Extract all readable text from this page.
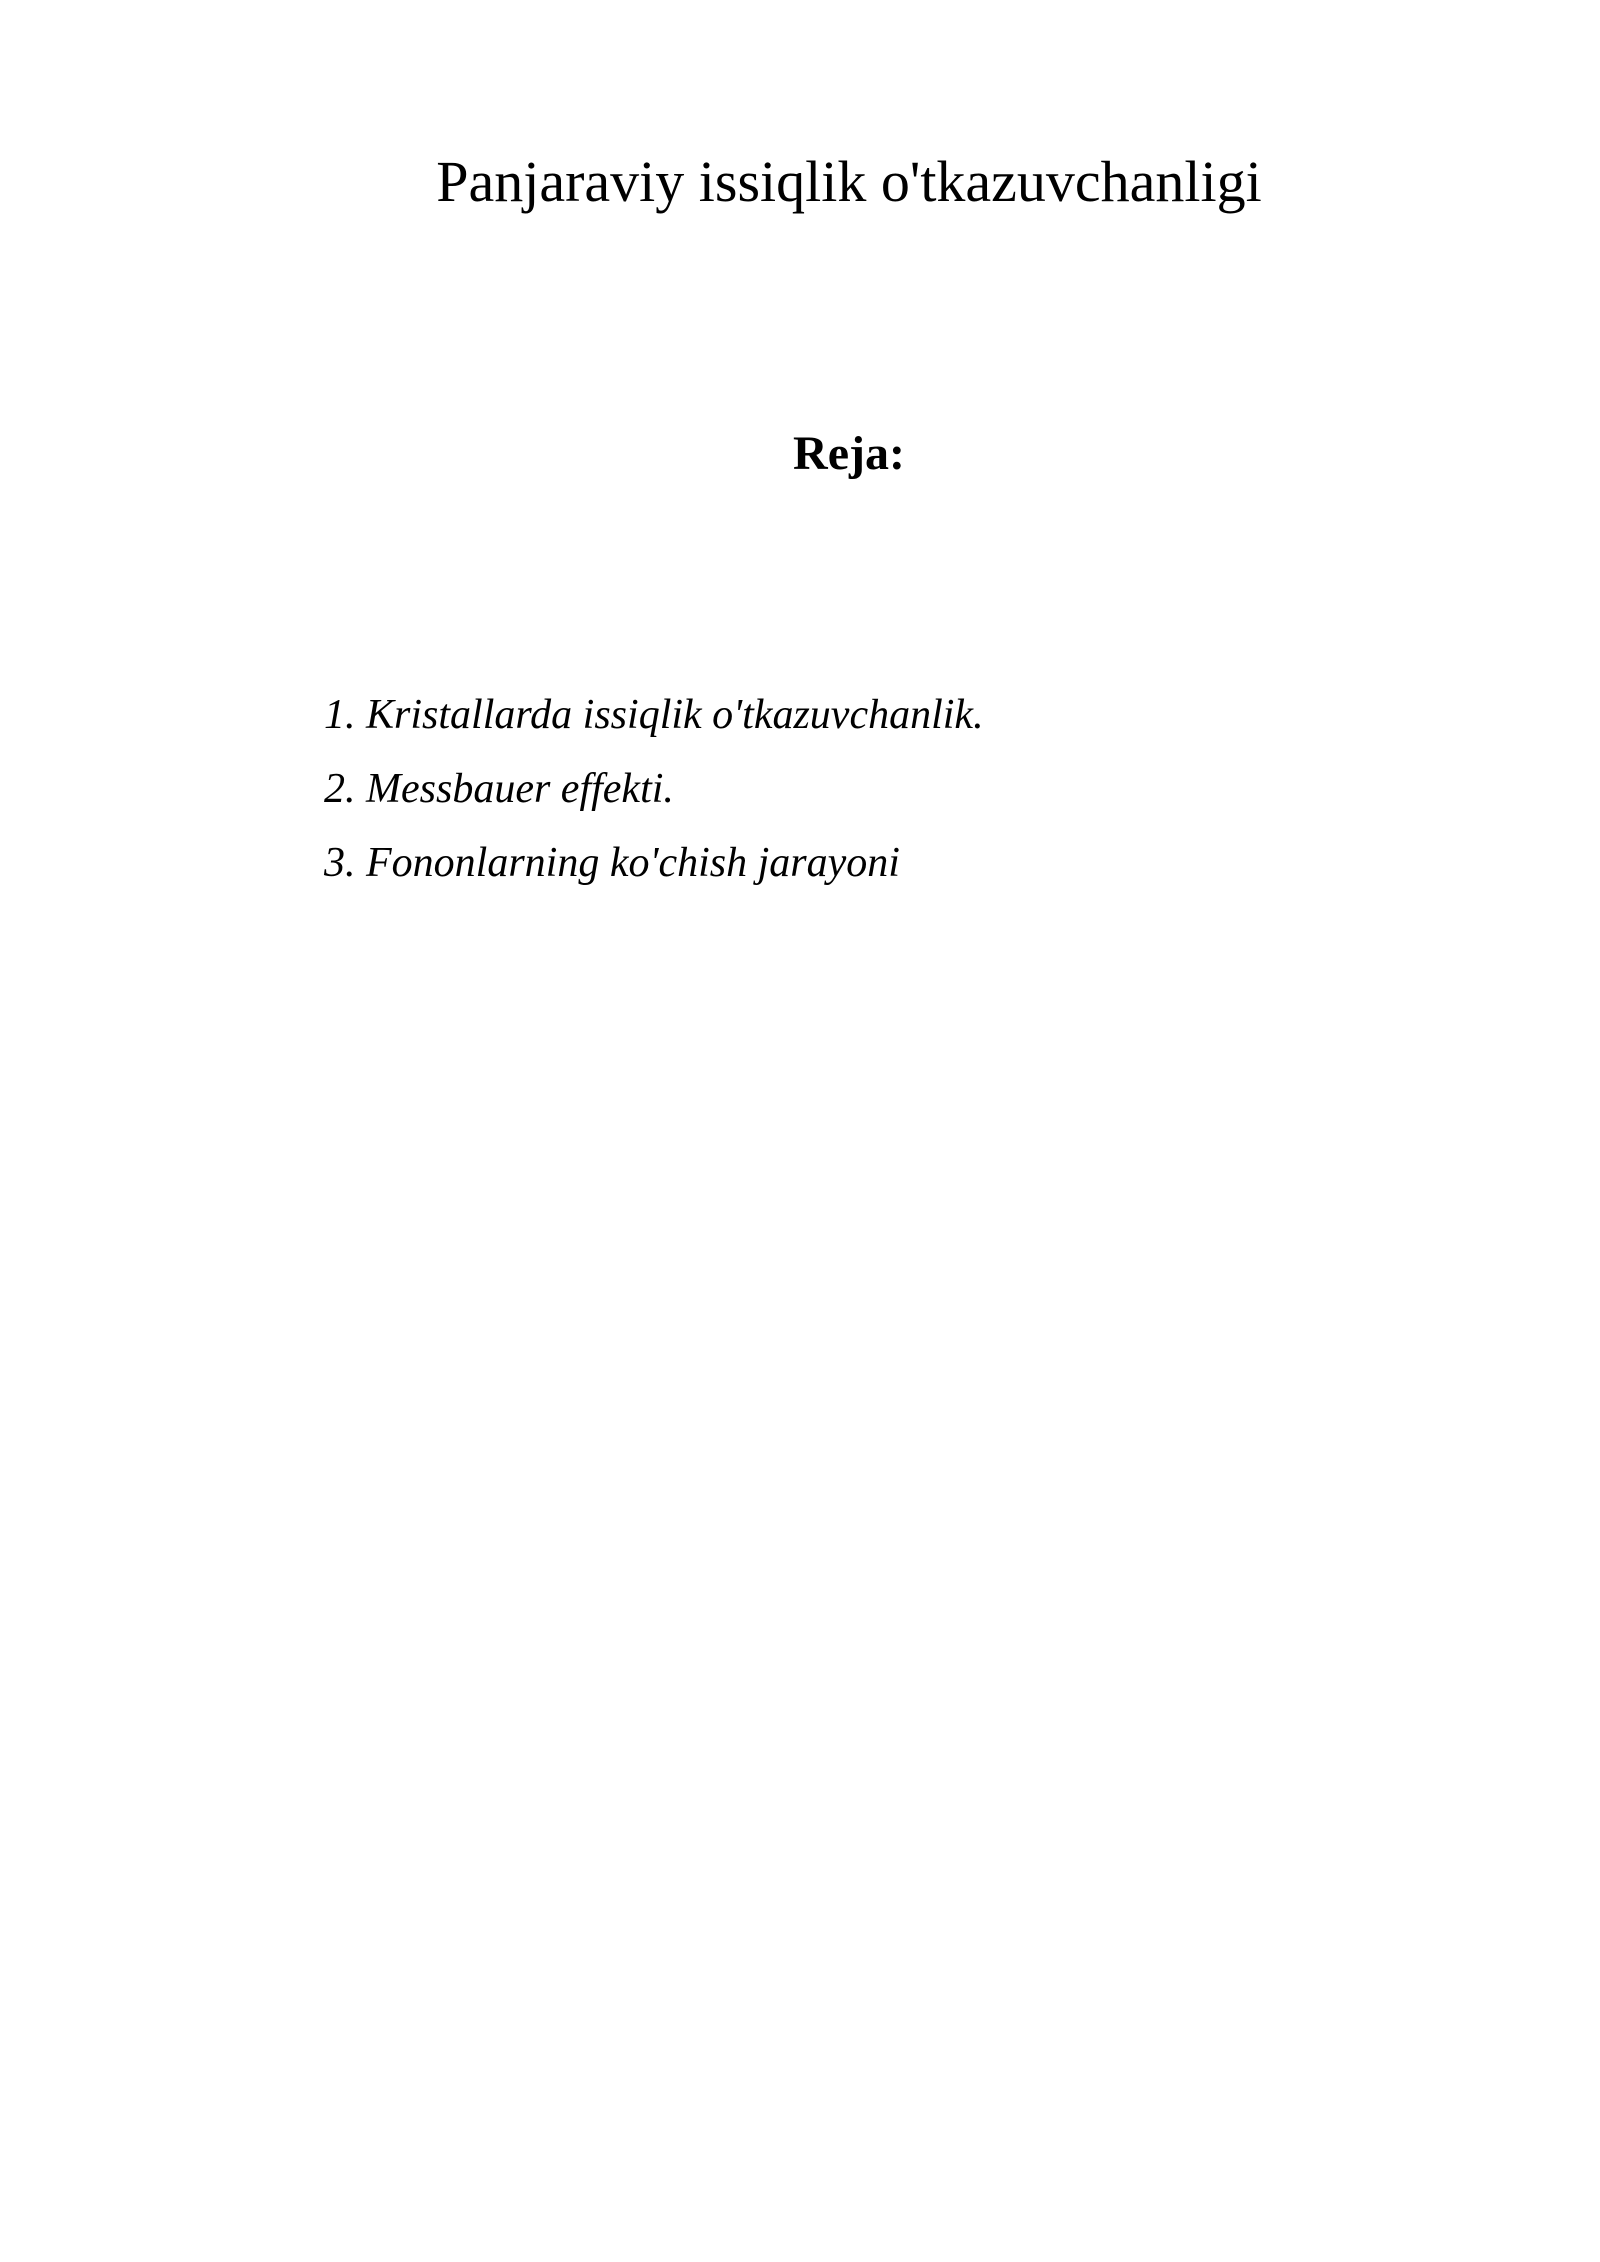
Panjaraviy issiqlik o'tkazuvchanligi
Reja:
1. Kristallarda issiqlik o'tkazuvchanlik.
2. Messbauer effekti.
3. Fononlarning ko'chish jarayoni
